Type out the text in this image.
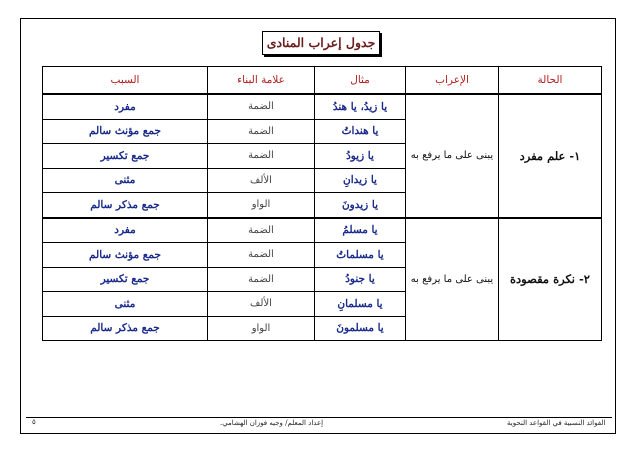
جدول إعراب المنادى
الحالة	الإعراب	مثال	علامة البناء	السبب
١- علم مفرد	يبنى على ما يرفع به	يا زيدُ، يا هندُ	الضمة	مفرد
		يا هنداتُ	الضمة	جمع مؤنث سالم
		يا زيودُ	الضمة	جمع تكسير
		يا زيدانِ	الألف	مثنى
		يا زيدونَ	الواو	جمع مذكر سالم
٢- نكرة مقصودة	يبنى على ما يرفع به	يا مسلمُ	الضمة	مفرد
		يا مسلماتُ	الضمة	جمع مؤنث سالم
		يا جنودُ	الضمة	جمع تكسير
		يا مسلمانِ	الألف	مثنى
		يا مسلمونَ	الواو	جمع مذكر سالم
الفوائد النسبية في القواعد النحوية
إعداد المعلم/ وجيه فوزان الهشامي.
٥
